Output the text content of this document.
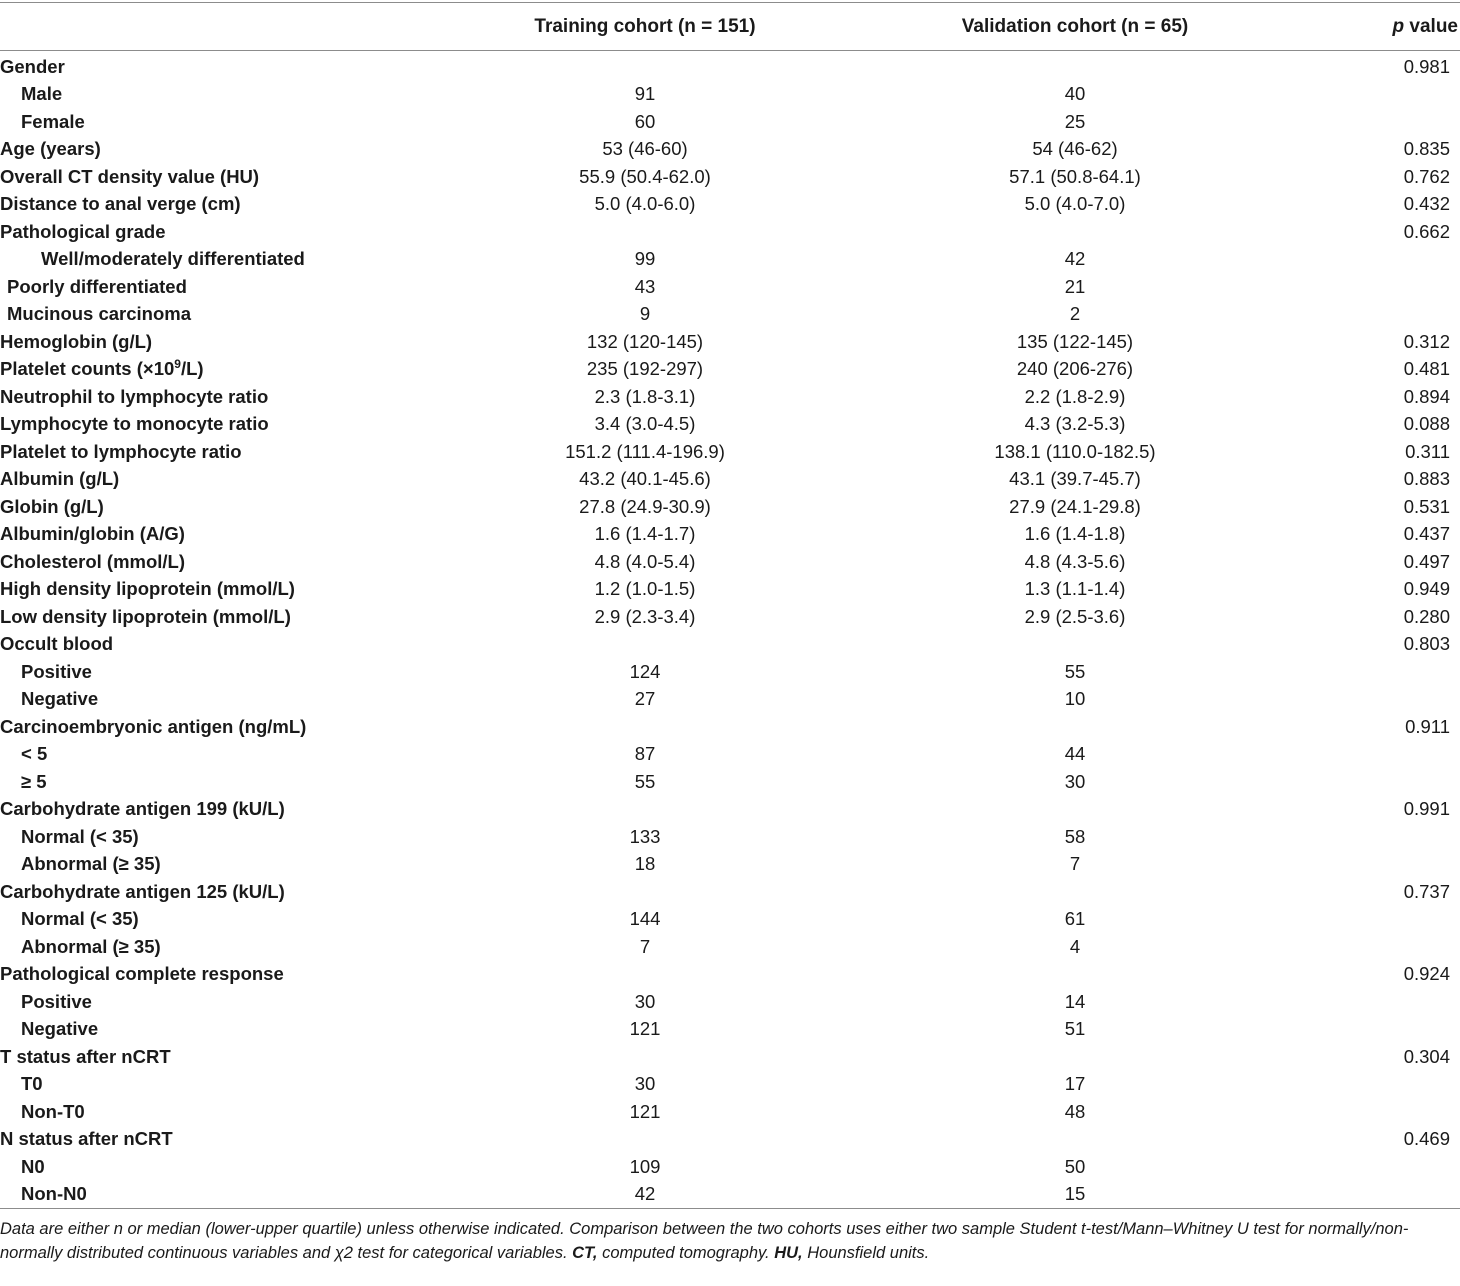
	Training cohort (n = 151)	Validation cohort (n = 65)	p value
Gender			0.981
Male	91	40	
Female	60	25	
Age (years)	53 (46-60)	54 (46-62)	0.835
Overall CT density value (HU)	55.9 (50.4-62.0)	57.1 (50.8-64.1)	0.762
Distance to anal verge (cm)	5.0 (4.0-6.0)	5.0 (4.0-7.0)	0.432
Pathological grade			0.662
Well/moderately differentiated	99	42	
Poorly differentiated	43	21	
Mucinous carcinoma	9	2	
Hemoglobin (g/L)	132 (120-145)	135 (122-145)	0.312
Platelet counts $(\times 10^9/L)$	235 (192-297)	240 (206-276)	0.481
Neutrophil to lymphocyte ratio	2.3 (1.8-3.1)	2.2 (1.8-2.9)	0.894
Lymphocyte to monocyte ratio	3.4 (3.0-4.5)	4.3 (3.2-5.3)	0.088
Platelet to lymphocyte ratio	151.2 (111.4-196.9)	138.1 (110.0-182.5)	0.311
Albumin (g/L)	43.2 (40.1-45.6)	43.1 (39.7-45.7)	0.883
Globin (g/L)	27.8 (24.9-30.9)	27.9 (24.1-29.8)	0.531
Albumin/globin (A/G)	1.6 (1.4-1.7)	1.6 (1.4-1.8)	0.437
Cholesterol (mmol/L)	4.8 (4.0-5.4)	4.8 (4.3-5.6)	0.497
High density lipoprotein (mmol/L)	1.2 (1.0-1.5)	1.3 (1.1-1.4)	0.949
Low density lipoprotein (mmol/L)	2.9 (2.3-3.4)	2.9 (2.5-3.6)	0.280
Occult blood			0.803
Positive	124	55	
Negative	27	10	
Carcinoembryonic antigen (ng/mL)			0.911
< 5	87	44	
≥ 5	55	30	
Carbohydrate antigen 199 (kU/L)			0.991
Normal (< 35)	133	58	
Abnormal (≥ 35)	18	7	
Carbohydrate antigen 125 (kU/L)			0.737
Normal (< 35)	144	61	
Abnormal (≥ 35)	7	4	
Pathological complete response			0.924
Positive	30	14	
Negative	121	51	
T status after nCRT			0.304
T0	30	17	
Non-T0	121	48	
N status after nCRT			0.469
N0	109	50	
Non-N0	42	15	
Data are either n or median (lower-upper quartile) unless otherwise indicated. Comparison between the two cohorts uses either two sample Student t-test/Mann–Whitney U test for normally/non-normally distributed continuous variables and χ2 test for categorical variables. CT, computed tomography. HU, Hounsfield units.
